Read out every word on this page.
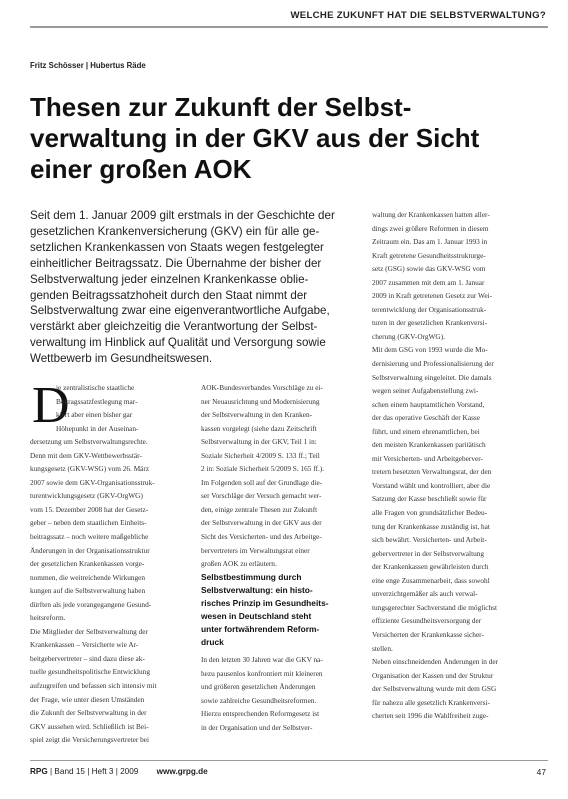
WELCHE ZUKUNFT HAT DIE SELBSTVERWALTUNG?
Fritz Schösser | Hubertus Räde
Thesen zur Zukunft der Selbst-
verwaltung in der GKV aus der Sicht
einer großen AOK
Seit dem 1. Januar 2009 gilt erstmals in der Geschichte der
gesetzlichen Krankenversicherung (GKV) ein für alle ge-
setzlichen Krankenkassen von Staats wegen festgelegter
einheitlicher Beitragssatz. Die Übernahme der bisher der
Selbstverwaltung jeder einzelnen Krankenkasse oblie-
genden Beitragssatzhoheit durch den Staat nimmt der
Selbstverwaltung zwar eine eigenverantwortliche Aufgabe,
verstärkt aber gleichzeitig die Verantwortung der Selbst-
verwaltung im Hinblick auf Qualität und Versorgung sowie
Wettbewerb im Gesundheitswesen.
D
ie zentralistische staatliche
Beitragssatzfestlegung mar-
kiert aber einen bisher gar
Höhepunkt in der Auseinan-
dersetzung um Selbstverwaltungsrechte.
Denn mit dem GKV-Wettbewerbsstär-
kungsgesetz (GKV-WSG) vom 26. März
2007 sowie dem GKV-Organisationsstruk-
turentwicklungsgesetz (GKV-OrgWG)
vom 15. Dezember 2008 hat der Gesetz-
geber – neben dem staatlichen Einheits-
beitragssatz – noch weitere maßgebliche
Änderungen in der Organisationsstruktur
der gesetzlichen Krankenkassen vorge-
nommen, die weitreichende Wirkungen
kungen auf die Selbstverwaltung haben
dürften als jede vorangegangene Gesund-
heitsreform.
Die Mitglieder der Selbstverwaltung der
Krankenkassen – Versicherte wie Ar-
beitgebervertreter – sind dazu diese ak-
tuelle gesundheitspolitische Entwicklung
aufzugreifen und befassen sich intensiv mit
der Frage, wie unter diesen Umständen
die Zukunft der Selbstverwaltung in der
GKV aussehen wird. Schließlich ist Bei-
spiel zeigt die Versicherungsvertreter bei
AOK-Bundesverbandes Vorschläge zu ei-
ner Neuausrichtung und Modernisierung
der Selbstverwaltung in den Kranken-
kassen vorgelegt (siehe dazu Zeitschrift
Selbstverwaltung in der GKV, Teil 1 in:
Soziale Sicherheit 4/2009 S. 133 ff.; Teil
2 in: Soziale Sicherheit 5/2009 S. 165 ff.).
Im Folgenden soll auf der Grundlage die-
ser Vorschläge der Versuch gemacht wer-
den, einige zentrale Thesen zur Zukunft
der Selbstverwaltung in der GKV aus der
Sicht des Versicherten- und des Arbeitge-
bervertreters im Verwaltungsrat einer
großen AOK zu erläutern.
Selbstbestimmung durch
Selbstverwaltung: ein histo-
risches Prinzip im Gesundheits-
wesen in Deutschland steht
unter fortwährendem Reform-
druck
In den letzten 30 Jahren war die GKV na-
hezu pausenlos konfrontiert mit kleineren
und größeren gesetzlichen Änderungen
sowie zahlreiche Gesundheitsreformen.
Hierzu entsprechenden Reformgesetz ist
in der Organisation und der Selbstver-
waltung der Krankenkassen hatten aller-
dings zwei größere Reformen in diesem
Zeitraum ein. Das am 1. Januar 1993 in
Kraft getretene Gesundheitsstrukturge-
setz (GSG) sowie das GKV-WSG vom
2007 zusammen mit dem am 1. Januar
2009 in Kraft getretenen Gesetz zur Wei-
terentwicklung der Organisationsstruk-
turen in der gesetzlichen Krankenversi-
cherung (GKV-OrgWG).
Mit dem GSG von 1993 wurde die Mo-
dernisierung und Professionalisierung der
Selbstverwaltung eingeleitet. Die damals
wegen seiner Aufgabenstellung zwi-
schen einem hauptamtlichen Vorstand,
der das operative Geschäft der Kasse
führt, und einem ehrenamtlichen, bei
den meisten Krankenkassen paritätisch
mit Versicherten- und Arbeitgeberver-
tretern besetzten Verwaltungsrat, der den
Vorstand wählt und kontrolliert, aber die
Satzung der Kasse beschließt sowie für
alle Fragen von grundsätzlicher Bedeu-
tung der Krankenkasse zuständig ist, hat
sich bewährt. Versicherten- und Arbeit-
gebervertreter in der Selbstverwaltung
der Krankenkassen gewährleisten durch
eine enge Zusammenarbeit, dass sowohl
unverzichtgemäßer als auch verwal-
tungsgerechter Sachverstand die möglichst
effiziente Gesundheitsversorgung der
Versicherten der Krankenkasse sicher-
stellen.
Neben einschneidenden Änderungen in der
Organisation der Kassen und der Struktur
der Selbstverwaltung wurde mit dem GSG
für nahezu alle gesetzlich Krankenversi-
cherten seit 1996 die Wahlfreiheit zuge-
RPG | Band 15 | Heft 3 | 2009 www.grpg.de	47
